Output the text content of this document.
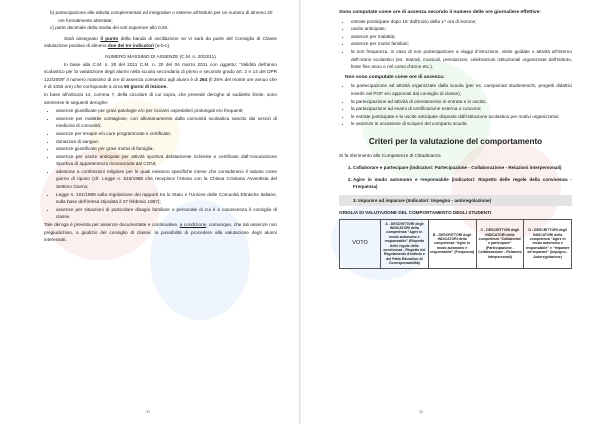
b) partecipazione alle attività complementari ed integrative o esterne all’Istituto per un numero di almeno 20 ore formalmente attestate;
c) parte decimale della media dei voti superiore allo 0,50.

Sarà assegnato il punto della banda di oscillazione se vi sarà da parte del Consiglio di Classe valutazione positiva di almeno due dei tre indicatori (a-b-c).

NUMERO MASSIMO DI ASSENZE (C.M. n. 20/2011)

In base alla C.M. n. 20 del 2011 C.M. n. 20 del 04 marzo 2011 con oggetto: “Validità dell’anno scolastico per la valutazione degli alunni nella scuola secondaria di primo e secondo grado art. 2 e 14 del DPR 122/2009” il numero massimo di ore di assenza consentito agli alunni è di 264 (il 25% del monte ore annuo che è di 1056 ore) che corrisponde a circa 50 giorni di lezione.

In base all’articolo 14, comma 7, della circolare di cui sopra, che prevede deroghe al suddetto limite, sono ammesse le seguenti deroghe:

• assenze giustificate per gravi patologie e/o per ricoveri ospedalieri prolungati e/o frequenti;
• assenze per malattie contagiose, con allontanamento dalla comunità scolastica sancito dai servizi di medicina di comunità;
• assenze per terapie e/o cure programmate e certificate;
• donazioni di sangue;
• assenze giustificate per gravi motivi di famiglia;
• assenze per uscite anticipate per attività sportiva debitamente richieste e certificate dall’Associazione Sportiva di appartenenza riconosciuta dal CONI;
• adesione a confessioni religiose per le quali esistono specifiche intese che considerano il sabato come giorno di riposo (cfr. Legge n. 516/1988 che recepisce l’intesa con la Chiesa Cristiana Avventista del Settimo Giorno;
• Legge n. 101/1989 sulla regolazione dei rapporti tra lo Stato e l’Unione delle Comunità Ebraiche Italiane, sulla base dell’intesa stipulata il 27 febbraio 1987);
• assenze per situazioni di particolare disagio familiare o personale di cui è a conoscenza il consiglio di classe.

Tale deroga è prevista per assenze documentate e continuative, a condizione, comunque, che tali assenze non pregiudichino, a giudizio del consiglio di classe, la possibilità di procedere alla valutazione degli alunni interessati.

31

Sono computate come ore di assenza secondo il numero delle ore giornaliere effettive:

• entrate posticipate dopo 15’ dall’inizio della 1^ ora di lezione;
• uscite anticipate;
• assenze per malattia;
• assenze per motivi familiari;
• la non frequenza, in caso di non partecipazione a viaggi d’istruzione, visite guidate o attività all’interno dell’orario scolastico (es. teatrali, musicali, premiazioni, celebrazioni istituzionali organizzate dall’Istituto, feste fine anno o nel corso d’anno etc.).

Non sono computate come ore di assenza:

• la partecipazione ad attività organizzate dalla scuola (per es. campionati studenteschi, progetti didattici inseriti nel POF e/o approvati dal consiglio di classe);
• la partecipazione ad attività di orientamento in entrata e in uscita;
• la partecipazione ad esami di certificazione esterna o concorsi;
• le entrate posticipate e le uscite anticipate disposte dall’istituzione scolastica per motivi organizzativi;
• le assenze in occasione di scioperi del comparto scuola.
Criteri per la valutazione del comportamento

Si fa riferimento alle Competenze di Cittadinanza

1. Collaborare e partecipare (indicatori: Partecipazione - Collaborazione - Relazioni interpersonali)
2. Agire in modo autonomo e responsabile (indicatori: Rispetto delle regole della convivenza - Frequenza)
3. Imparare ad imparare (Indicatori: Impegno - autoregolazione)
GRIGLIA DI VALUTAZIONE DEL COMPORTAMENTO DEGLI STUDENTI
VOTO	A - DESCRITTORI degli INDICATORI della competenza “Agire in modo autonomo e responsabile” (Rispetto delle regole della convivenza - Rispetto del Regolamento d’Istituto e del Patto Educativo di Corresponsabilità)	B - DESCRITTORI degli INDICATORI della competenza “Agire in modo autonomo e responsabile” (Frequenza)	C - DESCRITTORI degli INDICATORI della competenza “Collaborare e partecipare” (Partecipazione - Collaborazione - Relazioni interpersonali)	D - DESCRITTORI degli INDICATORI della competenza “Agire in modo autonomo e responsabile” e “Imparare ad imparare” (Impegno - Autoregolazione)
32
